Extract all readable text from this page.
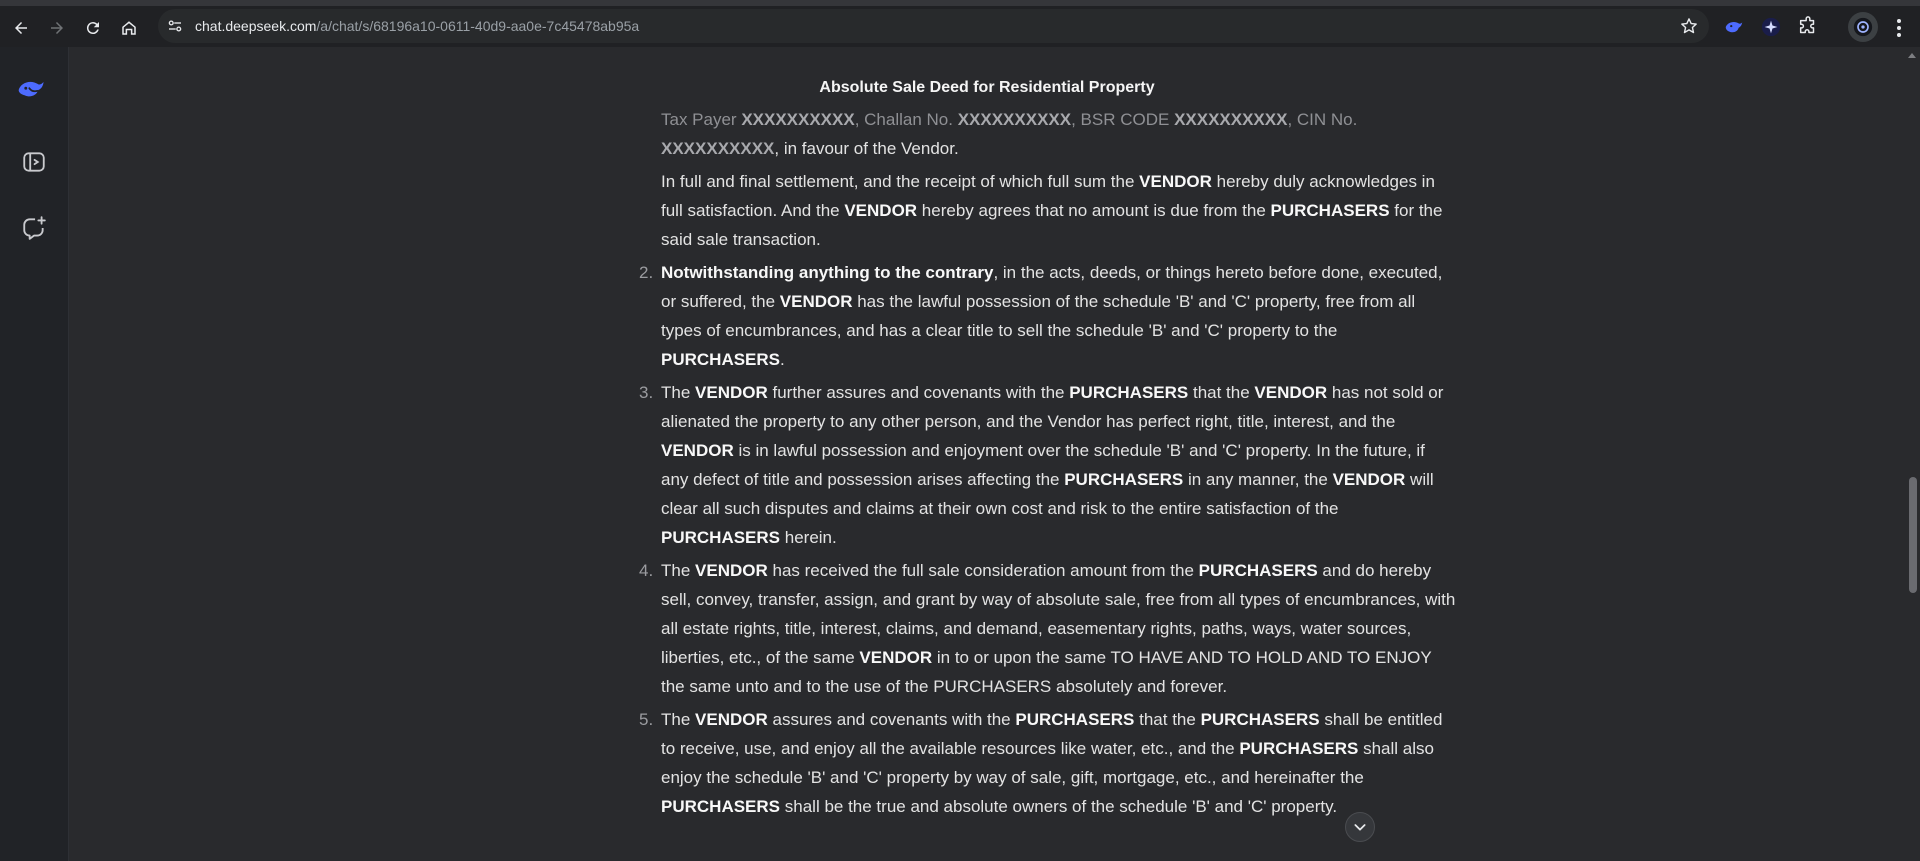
chat.deepseek.com/a/chat/s/68196a10-0611-40d9-aa0e-7c45478ab95a
Absolute Sale Deed for Residential Property

Tax Payer XXXXXXXXXX, Challan No. XXXXXXXXXX, BSR CODE XXXXXXXXXX, CIN No.
XXXXXXXXXX, in favour of the Vendor.

In full and final settlement, and the receipt of which full sum the VENDOR hereby duly acknowledges in full satisfaction. And the VENDOR hereby agrees that no amount is due from the PURCHASERS for the said sale transaction.

2. Notwithstanding anything to the contrary, in the acts, deeds, or things hereto before done, executed, or suffered, the VENDOR has the lawful possession of the schedule 'B' and 'C' property, free from all types of encumbrances, and has a clear title to sell the schedule 'B' and 'C' property to the PURCHASERS.
3. The VENDOR further assures and covenants with the PURCHASERS that the VENDOR has not sold or alienated the property to any other person, and the Vendor has perfect right, title, interest, and the VENDOR is in lawful possession and enjoyment over the schedule 'B' and 'C' property. In the future, if any defect of title and possession arises affecting the PURCHASERS in any manner, the VENDOR will clear all such disputes and claims at their own cost and risk to the entire satisfaction of the PURCHASERS herein.
4. The VENDOR has received the full sale consideration amount from the PURCHASERS and do hereby sell, convey, transfer, assign, and grant by way of absolute sale, free from all types of encumbrances, with all estate rights, title, interest, claims, and demand, easementary rights, paths, ways, water sources, liberties, etc., of the same VENDOR in to or upon the same TO HAVE AND TO HOLD AND TO ENJOY the same unto and to the use of the PURCHASERS absolutely and forever.
5. The VENDOR assures and covenants with the PURCHASERS that the PURCHASERS shall be entitled to receive, use, and enjoy all the available resources like water, etc., and the PURCHASERS shall also enjoy the schedule 'B' and 'C' property by way of sale, gift, mortgage, etc., and hereinafter the PURCHASERS shall be the true and absolute owners of the schedule 'B' and 'C' property.
